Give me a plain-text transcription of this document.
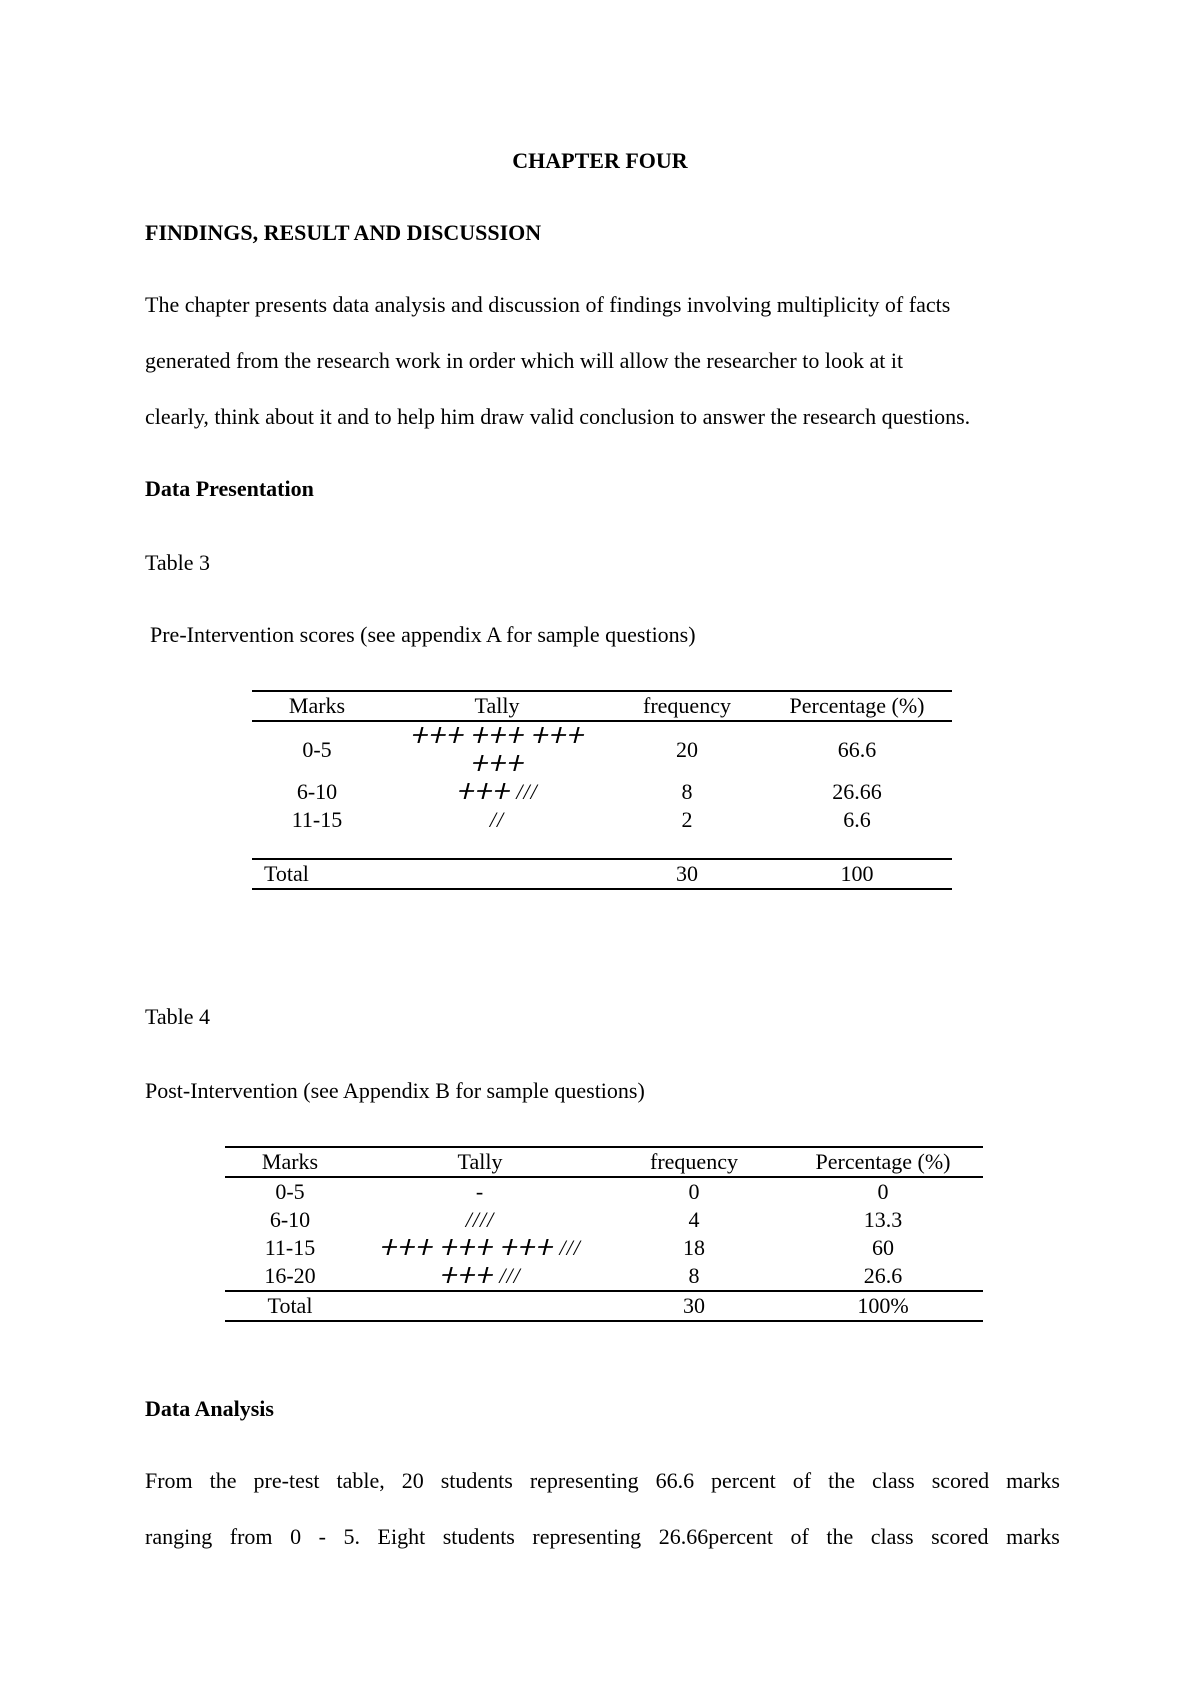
CHAPTER FOUR
FINDINGS, RESULT AND DISCUSSION
The chapter presents data analysis and discussion of findings involving multiplicity of facts
generated from the research work in order which will allow the researcher to look at it
clearly, think about it and to help him draw valid conclusion to answer the research questions.
Data Presentation
Table 3
Pre-Intervention scores (see appendix A for sample questions)
Marks	Tally	frequency	Percentage (%)
0-5	ⵜⵜⵜ ⵜⵜⵜ ⵜⵜⵜ ⵜⵜⵜ	20	66.6
6-10	ⵜⵜⵜ ///	8	26.66
11-15	//	2	6.6

Total		30	100
Table 4
Post-Intervention (see Appendix B for sample questions)
Marks	Tally	frequency	Percentage (%)
0-5	-	0	0
6-10	////	4	13.3
11-15	ⵜⵜⵜ ⵜⵜⵜ ⵜⵜⵜ ///	18	60
16-20	ⵜⵜⵜ ///	8	26.6
Total		30	100%
Data Analysis
From the pre-test table, 20 students representing 66.6 percent of the class scored marks
ranging from 0 - 5. Eight students representing 26.66percent of the class scored marks
